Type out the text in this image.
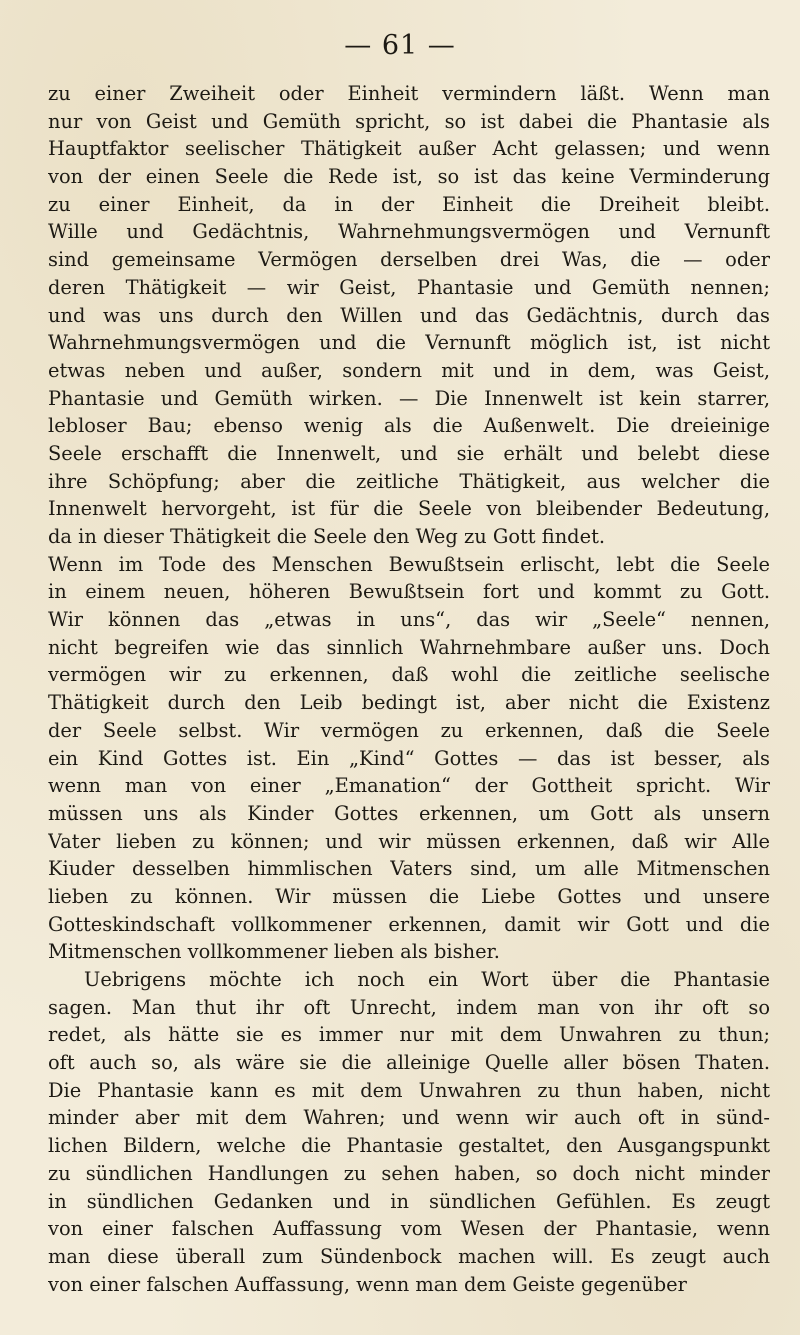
— 61 —
zu einer Zweiheit oder Einheit vermindern läßt. Wenn man
nur von Geist und Gemüth spricht, so ist dabei die Phantasie als
Hauptfaktor seelischer Thätigkeit außer Acht gelassen; und wenn
von der einen Seele die Rede ist, so ist das keine Verminderung
zu einer Einheit, da in der Einheit die Dreiheit bleibt.
Wille und Gedächtnis, Wahrnehmungsvermögen und Vernunft
sind gemeinsame Vermögen derselben drei Was, die — oder
deren Thätigkeit — wir Geist, Phantasie und Gemüth nennen;
und was uns durch den Willen und das Gedächtnis, durch das
Wahrnehmungsvermögen und die Vernunft möglich ist, ist nicht
etwas neben und außer, sondern mit und in dem, was Geist,
Phantasie und Gemüth wirken. — Die Innenwelt ist kein starrer,
lebloser Bau; ebenso wenig als die Außenwelt. Die dreieinige
Seele erschafft die Innenwelt, und sie erhält und belebt diese
ihre Schöpfung; aber die zeitliche Thätigkeit, aus welcher die
Innenwelt hervorgeht, ist für die Seele von bleibender Bedeutung,
da in dieser Thätigkeit die Seele den Weg zu Gott findet.
Wenn im Tode des Menschen Bewußtsein erlischt, lebt die Seele
in einem neuen, höheren Bewußtsein fort und kommt zu Gott.
Wir können das „etwas in uns“, das wir „Seele“ nennen,
nicht begreifen wie das sinnlich Wahrnehmbare außer uns. Doch
vermögen wir zu erkennen, daß wohl die zeitliche seelische
Thätigkeit durch den Leib bedingt ist, aber nicht die Existenz
der Seele selbst. Wir vermögen zu erkennen, daß die Seele
ein Kind Gottes ist. Ein „Kind“ Gottes — das ist besser, als
wenn man von einer „Emanation“ der Gottheit spricht. Wir
müssen uns als Kinder Gottes erkennen, um Gott als unsern
Vater lieben zu können; und wir müssen erkennen, daß wir Alle
Kiuder desselben himmlischen Vaters sind, um alle Mitmenschen
lieben zu können. Wir müssen die Liebe Gottes und unsere
Gotteskindschaft vollkommener erkennen, damit wir Gott und die
Mitmenschen vollkommener lieben als bisher.
Uebrigens möchte ich noch ein Wort über die Phantasie
sagen. Man thut ihr oft Unrecht, indem man von ihr oft so
redet, als hätte sie es immer nur mit dem Unwahren zu thun;
oft auch so, als wäre sie die alleinige Quelle aller bösen Thaten.
Die Phantasie kann es mit dem Unwahren zu thun haben, nicht
minder aber mit dem Wahren; und wenn wir auch oft in sünd-
lichen Bildern, welche die Phantasie gestaltet, den Ausgangspunkt
zu sündlichen Handlungen zu sehen haben, so doch nicht minder
in sündlichen Gedanken und in sündlichen Gefühlen. Es zeugt
von einer falschen Auffassung vom Wesen der Phantasie, wenn
man diese überall zum Sündenbock machen will. Es zeugt auch
von einer falschen Auffassung, wenn man dem Geiste gegenüber
